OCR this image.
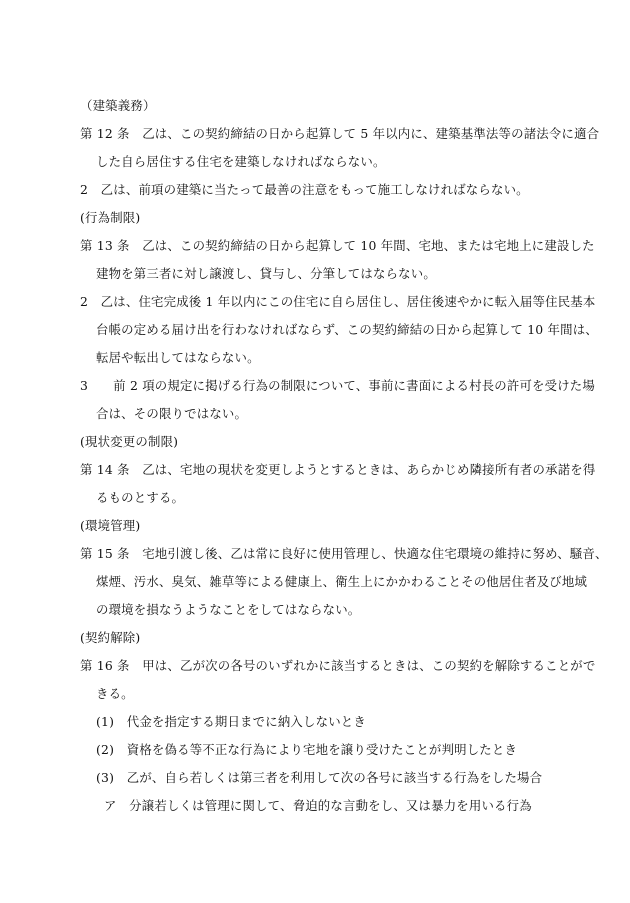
（建築義務）
第 12 条　乙は、この契約締結の日から起算して 5 年以内に、建築基準法等の諸法令に適合
した自ら居住する住宅を建築しなければならない。
2　乙は、前項の建築に当たって最善の注意をもって施工しなければならない。
(行為制限)
第 13 条　乙は、この契約締結の日から起算して 10 年間、宅地、または宅地上に建設した
建物を第三者に対し譲渡し、貸与し、分筆してはならない。
2　乙は、住宅完成後 1 年以内にこの住宅に自ら居住し、居住後速やかに転入届等住民基本
台帳の定める届け出を行わなければならず、この契約締結の日から起算して 10 年間は、
転居や転出してはならない。
3　　前 2 項の規定に掲げる行為の制限について、事前に書面による村長の許可を受けた場
合は、その限りではない。
(現状変更の制限)
第 14 条　乙は、宅地の現状を変更しようとするときは、あらかじめ隣接所有者の承諾を得
るものとする。
(環境管理)
第 15 条　宅地引渡し後、乙は常に良好に使用管理し、快適な住宅環境の維持に努め、騒音、
煤煙、汚水、臭気、雑草等による健康上、衛生上にかかわることその他居住者及び地域
の環境を損なうようなことをしてはならない。
(契約解除)
第 16 条　甲は、乙が次の各号のいずれかに該当するときは、この契約を解除することがで
きる。
(1)　代金を指定する期日までに納入しないとき
(2)　資格を偽る等不正な行為により宅地を譲り受けたことが判明したとき
(3)　乙が、自ら若しくは第三者を利用して次の各号に該当する行為をした場合
ア　分譲若しくは管理に関して、脅迫的な言動をし、又は暴力を用いる行為
